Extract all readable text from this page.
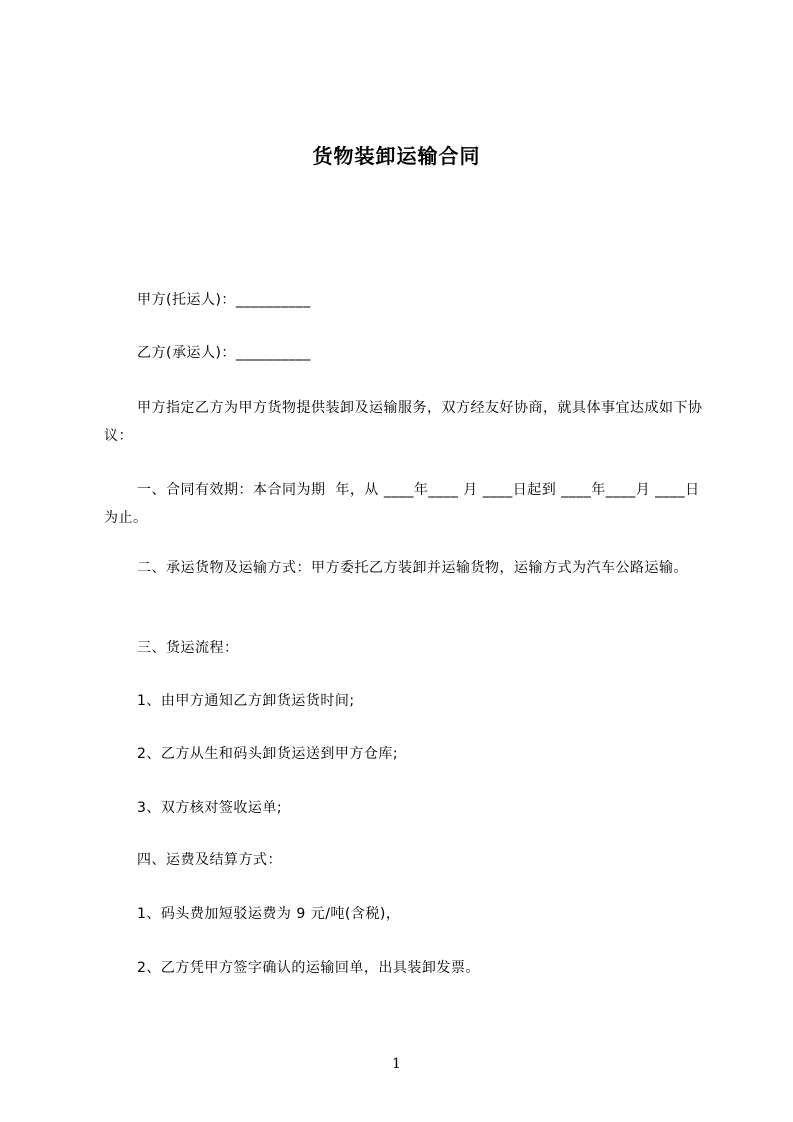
货物装卸运输合同

甲方(托运人)：__________

乙方(承运人)：__________

甲方指定乙方为甲方货物提供装卸及运输服务，双方经友好协商，就具体事宜达成如下协议：

一、合同有效期：本合同为期  年，从 ____年____ 月 ____日起到 ____年____月 ____日为止。

二、承运货物及运输方式：甲方委托乙方装卸并运输货物，运输方式为汽车公路运输。

三、货运流程：

1、由甲方通知乙方卸货运货时间;

2、乙方从生和码头卸货运送到甲方仓库;

3、双方核对签收运单;

四、运费及结算方式：

1、码头费加短驳运费为 9 元/吨(含税)，

2、乙方凭甲方签字确认的运输回单，出具装卸发票。

1
